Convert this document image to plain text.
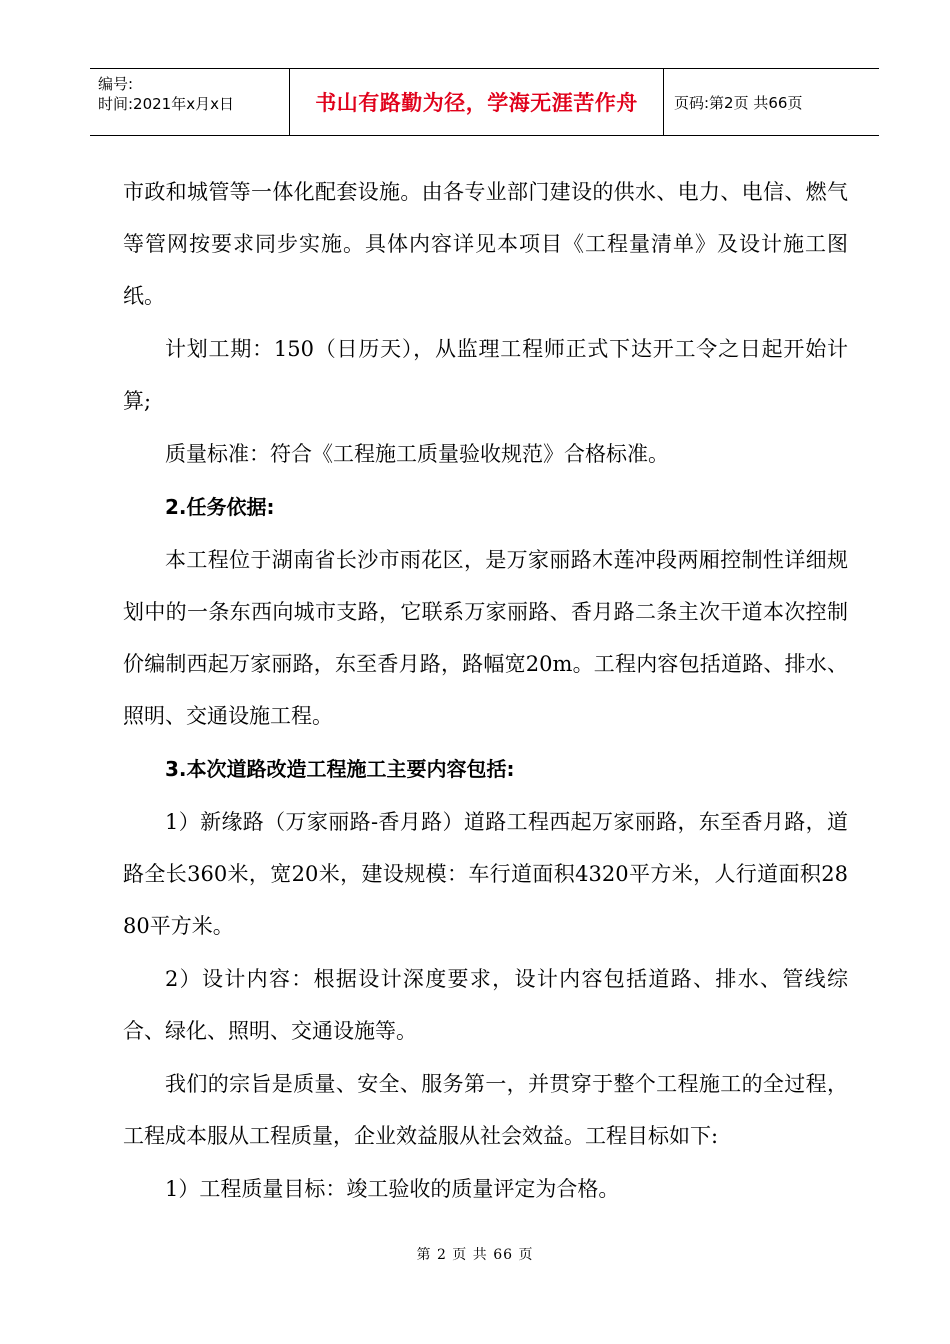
编号:
时间:2021年x月x日	书山有路勤为径，学海无涯苦作舟	页码:第2页 共66页

市政和城管等一体化配套设施。由各专业部门建设的供水、电力、电信、燃气等管网按要求同步实施。具体内容详见本项目《工程量清单》及设计施工图纸。

计划工期：150（日历天），从监理工程师正式下达开工令之日起开始计算;

质量标准：符合《工程施工质量验收规范》合格标准。

2.任务依据:

本工程位于湖南省长沙市雨花区，是万家丽路木莲冲段两厢控制性详细规划中的一条东西向城市支路，它联系万家丽路、香月路二条主次干道本次控制价编制西起万家丽路，东至香月路，路幅宽20m。工程内容包括道路、排水、照明、交通设施工程。

3.本次道路改造工程施工主要内容包括:

1）新缘路（万家丽路-香月路）道路工程西起万家丽路，东至香月路，道路全长360米，宽20米，建设规模：车行道面积4320平方米，人行道面积2880平方米。

2）设计内容：根据设计深度要求，设计内容包括道路、排水、管线综合、绿化、照明、交通设施等。

我们的宗旨是质量、安全、服务第一，并贯穿于整个工程施工的全过程，工程成本服从工程质量，企业效益服从社会效益。工程目标如下:

1）工程质量目标：竣工验收的质量评定为合格。

第 2 页 共 66 页
